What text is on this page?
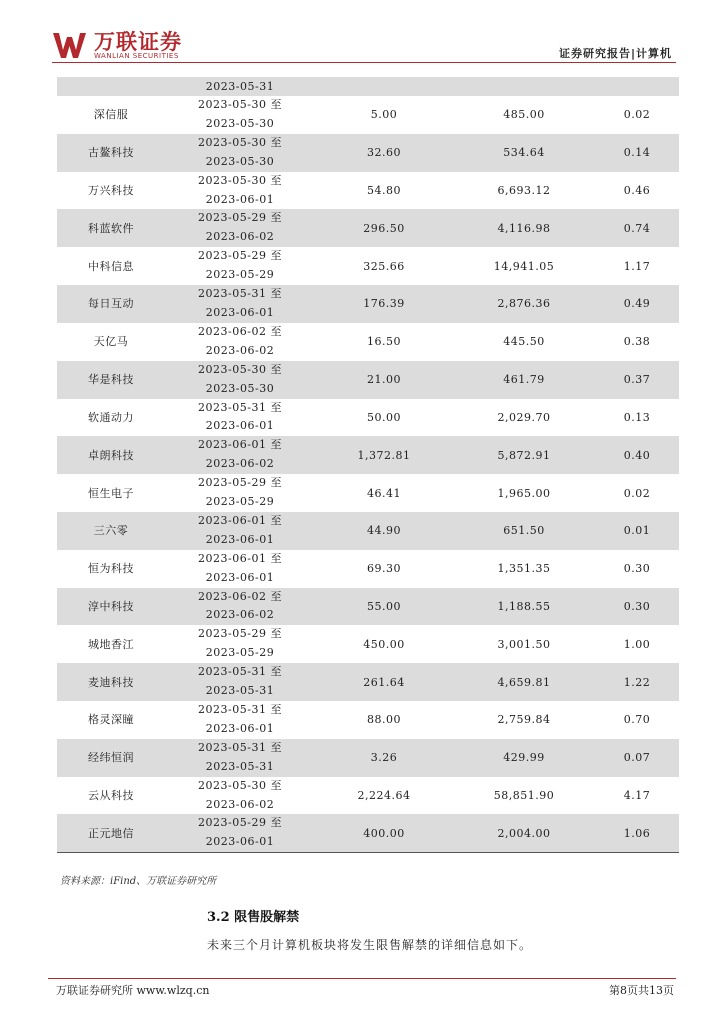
万联证券
WANLIAN SECURITIES	证券研究报告|计算机
	2023-05-31			
深信服	2023-05-30 至
2023-05-30	5.00	485.00	0.02
古鳌科技	2023-05-30 至
2023-05-30	32.60	534.64	0.14
万兴科技	2023-05-30 至
2023-06-01	54.80	6,693.12	0.46
科蓝软件	2023-05-29 至
2023-06-02	296.50	4,116.98	0.74
中科信息	2023-05-29 至
2023-05-29	325.66	14,941.05	1.17
每日互动	2023-05-31 至
2023-06-01	176.39	2,876.36	0.49
天亿马	2023-06-02 至
2023-06-02	16.50	445.50	0.38
华是科技	2023-05-30 至
2023-05-30	21.00	461.79	0.37
软通动力	2023-05-31 至
2023-06-01	50.00	2,029.70	0.13
卓朗科技	2023-06-01 至
2023-06-02	1,372.81	5,872.91	0.40
恒生电子	2023-05-29 至
2023-05-29	46.41	1,965.00	0.02
三六零	2023-06-01 至
2023-06-01	44.90	651.50	0.01
恒为科技	2023-06-01 至
2023-06-01	69.30	1,351.35	0.30
淳中科技	2023-06-02 至
2023-06-02	55.00	1,188.55	0.30
城地香江	2023-05-29 至
2023-05-29	450.00	3,001.50	1.00
麦迪科技	2023-05-31 至
2023-05-31	261.64	4,659.81	1.22
格灵深瞳	2023-05-31 至
2023-06-01	88.00	2,759.84	0.70
经纬恒润	2023-05-31 至
2023-05-31	3.26	429.99	0.07
云从科技	2023-05-30 至
2023-06-02	2,224.64	58,851.90	4.17
正元地信	2023-05-29 至
2023-06-01	400.00	2,004.00	1.06
资料来源：iFind、万联证券研究所
3.2 限售股解禁
未来三个月计算机板块将发生限售解禁的详细信息如下。
万联证券研究所 www.wlzq.cn	第8页共13页
